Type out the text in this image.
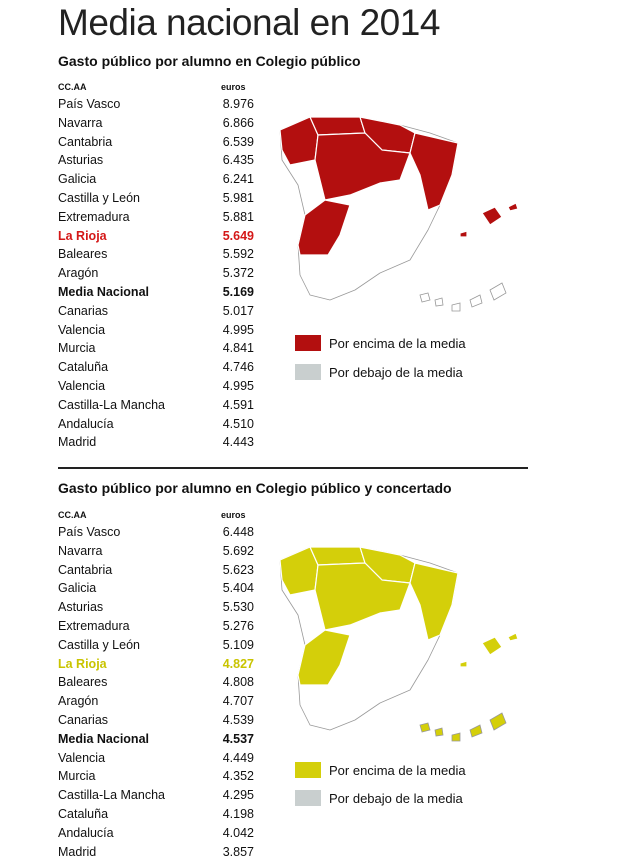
Media nacional en 2014
Gasto público por alumno en Colegio público
CC.AA	euros
País Vasco	8.976
Navarra	6.866
Cantabria	6.539
Asturias	6.435
Galicia	6.241
Castilla y León	5.981
Extremadura	5.881
La Rioja	5.649
Baleares	5.592
Aragón	5.372
Media Nacional	5.169
Canarias	5.017
Valencia	4.995
Murcia	4.841
Cataluña	4.746
Valencia	4.995
Castilla-La Mancha	4.591
Andalucía	4.510
Madrid	4.443
Por encima de la media
Por debajo de la media
Gasto público por alumno en Colegio público y concertado
CC.AA	euros
País Vasco	6.448
Navarra	5.692
Cantabria	5.623
Galicia	5.404
Asturias	5.530
Extremadura	5.276
Castilla y León	5.109
La Rioja	4.827
Baleares	4.808
Aragón	4.707
Canarias	4.539
Media Nacional	4.537
Valencia	4.449
Murcia	4.352
Castilla-La Mancha	4.295
Cataluña	4.198
Andalucía	4.042
Madrid	3.857
Por encima de la media
Por debajo de la media
